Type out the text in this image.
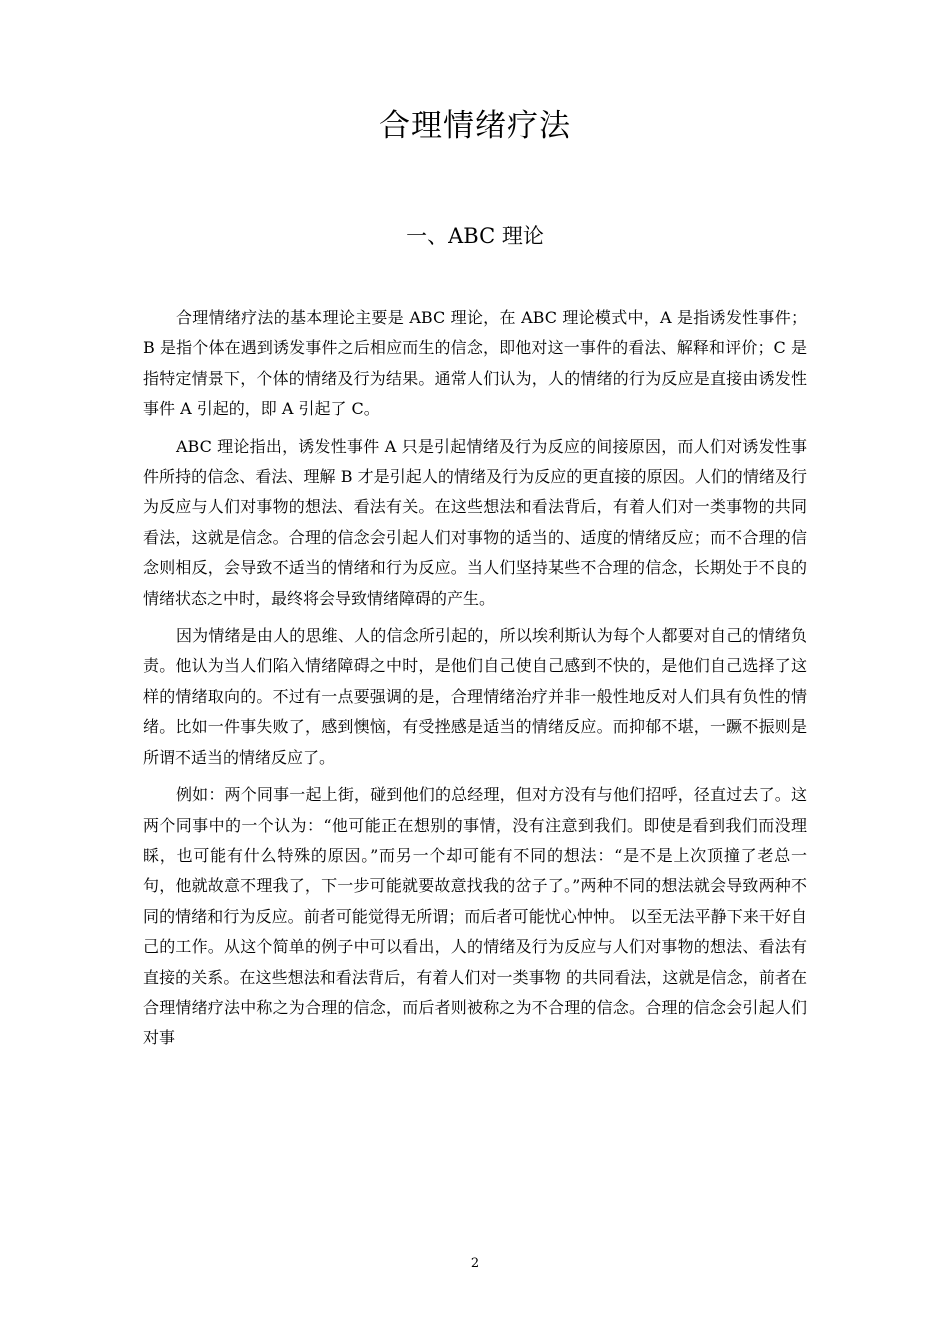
合理情绪疗法
一、ABC 理论

合理情绪疗法的基本理论主要是 ABC 理论，在 ABC 理论模式中，A 是指诱发性事件；B 是指个体在遇到诱发事件之后相应而生的信念，即他对这一事件的看法、解释和评价；C 是指特定情景下，个体的情绪及行为结果。通常人们认为，人的情绪的行为反应是直接由诱发性事件 A 引起的，即 A 引起了 C。

ABC 理论指出，诱发性事件 A 只是引起情绪及行为反应的间接原因，而人们对诱发性事件所持的信念、看法、理解 B 才是引起人的情绪及行为反应的更直接的原因。人们的情绪及行为反应与人们对事物的想法、看法有关。在这些想法和看法背后，有着人们对一类事物的共同看法，这就是信念。合理的信念会引起人们对事物的适当的、适度的情绪反应；而不合理的信念则相反，会导致不适当的情绪和行为反应。当人们坚持某些不合理的信念，长期处于不良的情绪状态之中时，最终将会导致情绪障碍的产生。

因为情绪是由人的思维、人的信念所引起的，所以埃利斯认为每个人都要对自己的情绪负责。他认为当人们陷入情绪障碍之中时，是他们自己使自己感到不快的，是他们自己选择了这样的情绪取向的。不过有一点要强调的是，合理情绪治疗并非一般性地反对人们具有负性的情绪。比如一件事失败了，感到懊恼，有受挫感是适当的情绪反应。而抑郁不堪，一蹶不振则是所谓不适当的情绪反应了。

例如：两个同事一起上街，碰到他们的总经理，但对方没有与他们招呼，径直过去了。这两个同事中的一个认为：“他可能正在想别的事情，没有注意到我们。即使是看到我们而没理睬，也可能有什么特殊的原因。”而另一个却可能有不同的想法：“是不是上次顶撞了老总一句，他就故意不理我了，下一步可能就要故意找我的岔子了。”两种不同的想法就会导致两种不同的情绪和行为反应。前者可能觉得无所谓；而后者可能忧心忡忡。 以至无法平静下来干好自己的工作。从这个简单的例子中可以看出，人的情绪及行为反应与人们对事物的想法、看法有直接的关系。在这些想法和看法背后，有着人们对一类事物 的共同看法，这就是信念，前者在合理情绪疗法中称之为合理的信念，而后者则被称之为不合理的信念。合理的信念会引起人们对事

2
